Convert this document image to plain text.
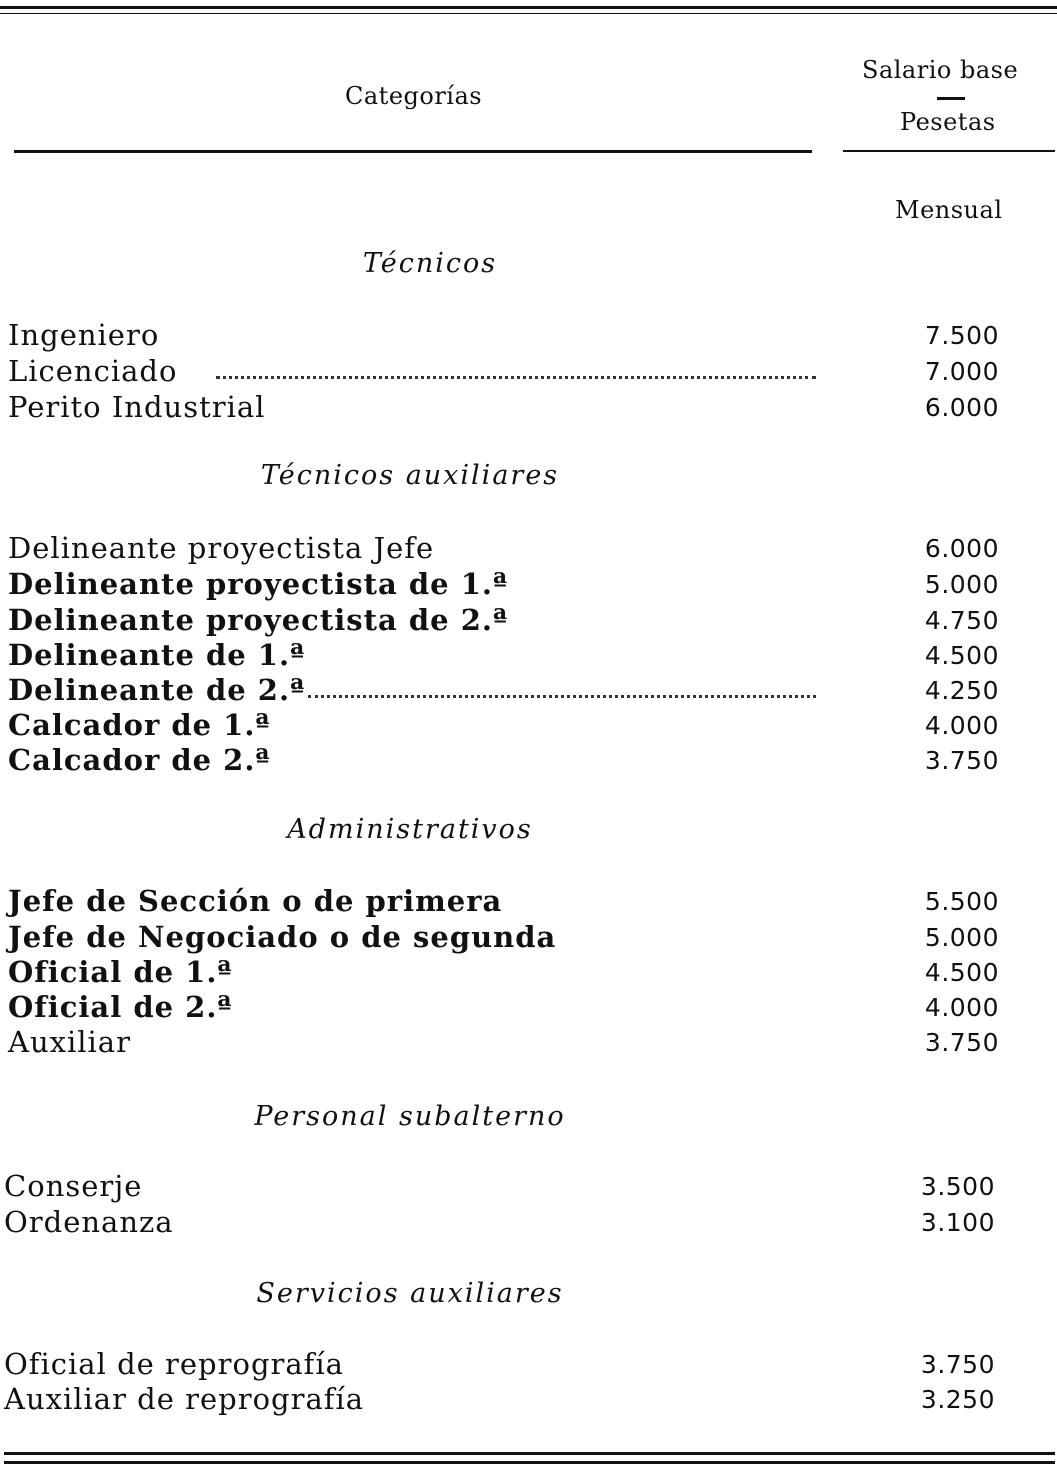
Categorías
Salario base
Pesetas
Mensual
Técnicos
Ingeniero	7.500
Licenciado	7.000
Perito Industrial	6.000
Técnicos auxiliares
Delineante proyectista Jefe	6.000
Delineante proyectista de 1.ª	5.000
Delineante proyectista de 2.ª	4.750
Delineante de 1.ª	4.500
Delineante de 2.ª	4.250
Calcador de 1.ª	4.000
Calcador de 2.ª	3.750
Administrativos
Jefe de Sección o de primera	5.500
Jefe de Negociado o de segunda	5.000
Oficial de 1.ª	4.500
Oficial de 2.ª	4.000
Auxiliar	3.750
Personal subalterno
Conserje	3.500
Ordenanza	3.100
Servicios auxiliares
Oficial de reprografía	3.750
Auxiliar de reprografía	3.250
